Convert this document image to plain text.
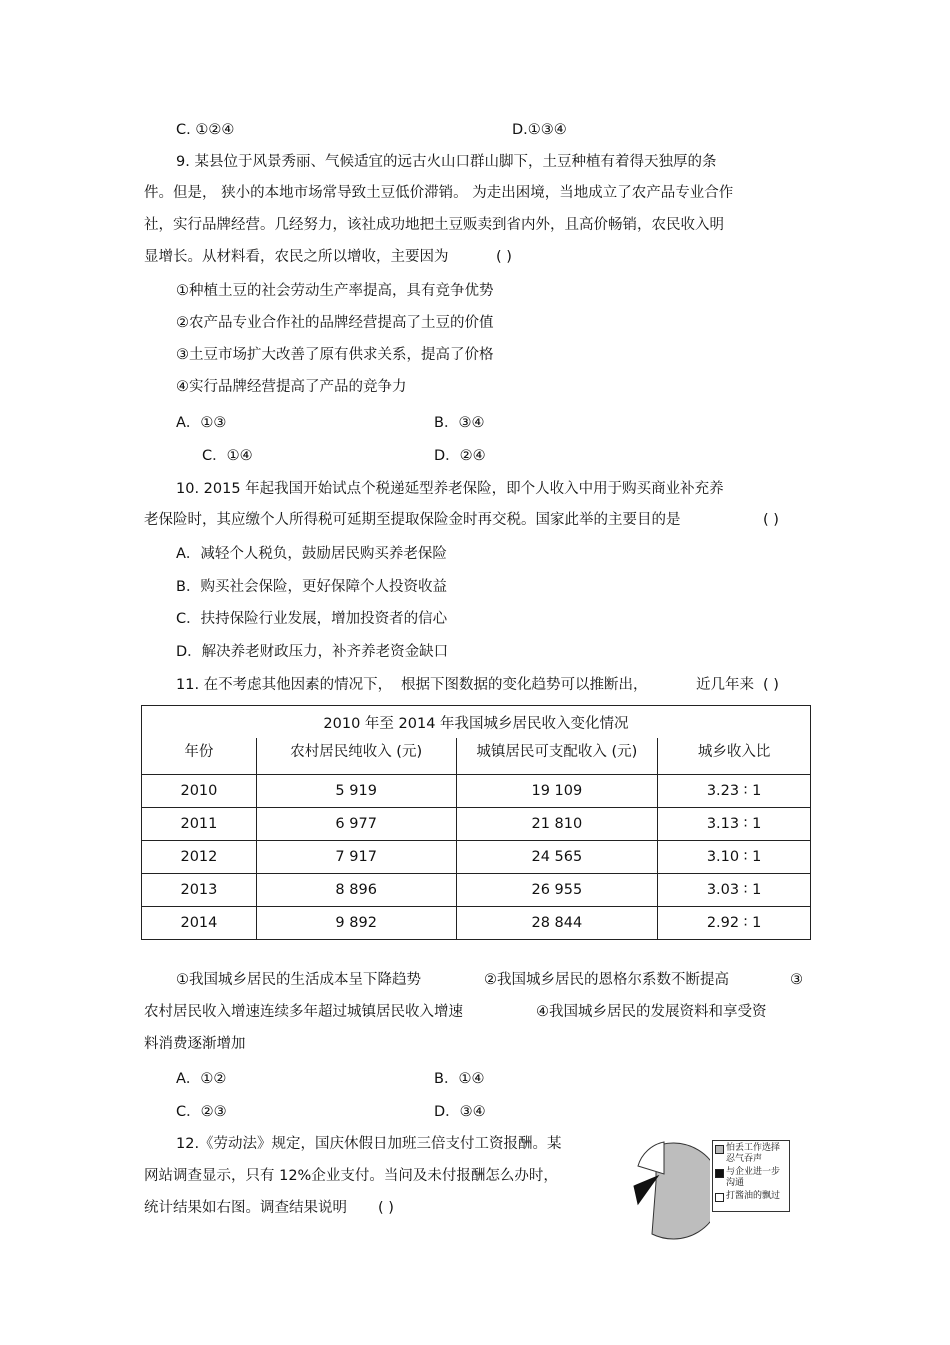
C. ①②④	D.①③④
9. 某县位于风景秀丽、气候适宜的远古火山口群山脚下，土豆种植有着得天独厚的条
件。但是， 狭小的本地市场常导致土豆低价滞销。 为走出困境，当地成立了农产品专业合作
社，实行品牌经营。几经努力，该社成功地把土豆贩卖到省内外，且高价畅销，农民收入明
显增长。从材料看，农民之所以增收，主要因为	( )
①种植土豆的社会劳动生产率提高，具有竞争优势
②农产品专业合作社的品牌经营提高了土豆的价值
③土豆市场扩大改善了原有供求关系，提高了价格
④实行品牌经营提高了产品的竞争力
A．①③	B．③④
C．①④	D．②④
10. 2015 年起我国开始试点个税递延型养老保险，即个人收入中用于购买商业补充养
老保险时，其应缴个人所得税可延期至提取保险金时再交税。国家此举的主要目的是	( )
A．减轻个人税负，鼓励居民购买养老保险
B．购买社会保险，更好保障个人投资收益
C．扶持保险行业发展，增加投资者的信心
D．解决养老财政压力，补齐养老资金缺口
11. 在不考虑其他因素的情况下， 根据下图数据的变化趋势可以推断出，	近几年来 ( )
2010 年至 2014 年我国城乡居民收入变化情况			
年份	农村居民纯收入 (元)	城镇居民可支配收入 (元)	城乡收入比
2010	5 919	19 109	3.23 ∶ 1
2011	6 977	21 810	3.13 ∶ 1
2012	7 917	24 565	3.10 ∶ 1
2013	8 896	26 955	3.03 ∶ 1
2014	9 892	28 844	2.92 ∶ 1
①我国城乡居民的生活成本呈下降趋势	②我国城乡居民的恩格尔系数不断提高	③
农村居民收入增速连续多年超过城镇居民收入增速	④我国城乡居民的发展资料和享受资
料消费逐渐增加
A．①②	B．①④
C．②③	D．③④
12.《劳动法》规定，国庆休假日加班三倍支付工资报酬。某
网站调查显示，只有 12%企业支付。当问及未付报酬怎么办时，
统计结果如右图。调查结果说明 ( )
怕丢工作选择忍气吞声
与企业进一步沟通
打酱油的飘过
